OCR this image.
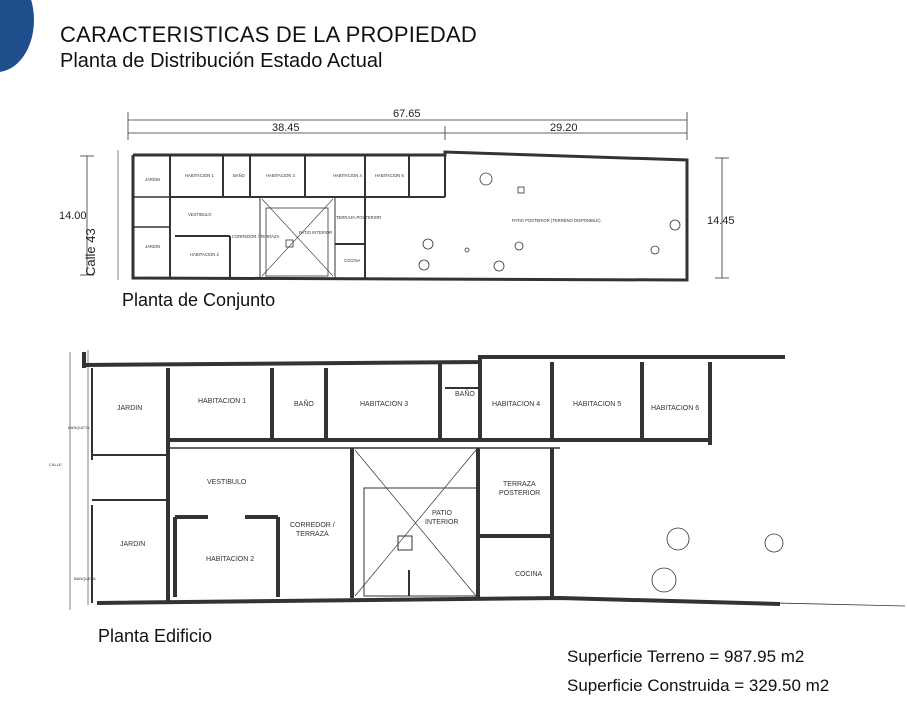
CARACTERISTICAS DE LA PROPIEDAD
Planta de Distribución Estado Actual
JARDIN
HABITACION 1	BAÑO	HABITACION 3	HABITACION 4	HABITACION 5
VESTIBULO
PATIO INTERIOR
TERRAZA POSTERIOR
JARDIN
CORREDOR / TERRAZA
HABITACION 2
COCINA
PATIO POSTERIOR (TERRENO DISPONIBLE)
67.65
38.45	29.20
14.00	14.45
Calle 43
JARDIN
HABITACION 1	BAÑO	HABITACION 3
BAÑO
HABITACION 4	HABITACION 5
HABITACION 6
VESTIBULO
CORREDOR /
TERRAZA
PATIO
INTERIOR
TERRAZA
POSTERIOR
JARDIN
HABITACION 2
COCINA
CALLE
BANQUETA
BANQUETA
Planta de Conjunto
Planta Edificio
Superficie Terreno = 987.95 m2
Superficie Construida = 329.50 m2
